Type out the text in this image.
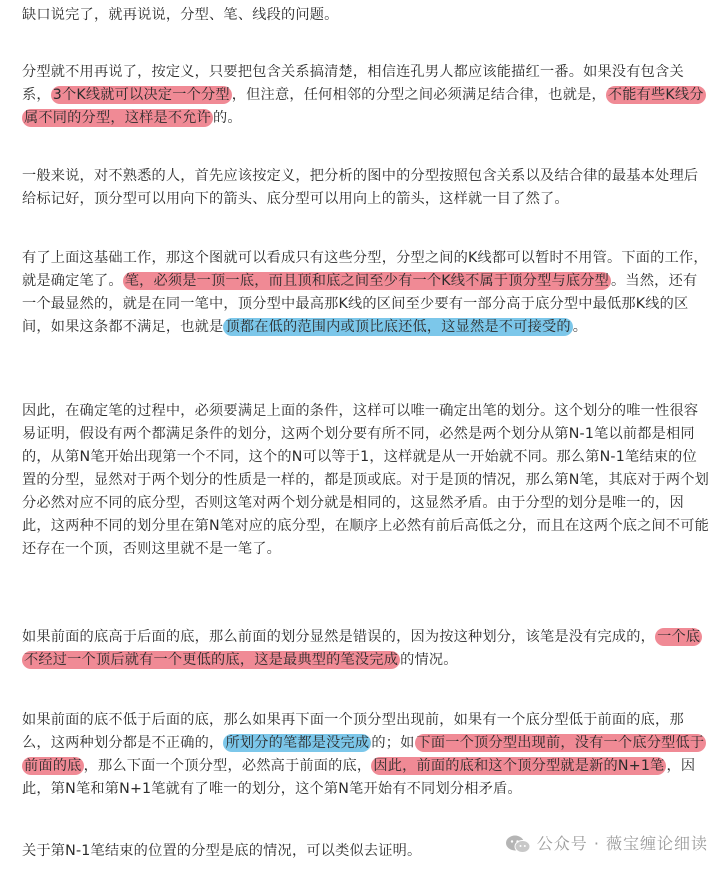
缺口说完了，就再说说，分型、笔、线段的问题。

分型就不用再说了，按定义，只要把包含关系搞清楚，相信连孔男人都应该能描红一番。如果没有包含关系， 3个K线就可以决定一个分型 ，但注意，任何相邻的分型之间必须满足结合律，也就是， 不能有些K线分属不同的分型，这样是不允许 的。

一般来说，对不熟悉的人，首先应该按定义，把分析的图中的分型按照包含关系以及结合律的最基本处理后给标记好，顶分型可以用向下的箭头、底分型可以用向上的箭头，这样就一目了然了。

有了上面这基础工作，那这个图就可以看成只有这些分型，分型之间的K线都可以暂时不用管。下面的工作，就是确定笔了。 笔，必须是一顶一底，而且顶和底之间至少有一个K线不属于顶分型与底分型 。当然，还有一个最显然的，就是在同一笔中，顶分型中最高那K线的区间至少要有一部分高于底分型中最低那K线的区间，如果这条都不满足，也就是 顶都在低的范围内或顶比底还低，这显然是不可接受的 。

因此，在确定笔的过程中，必须要满足上面的条件，这样可以唯一确定出笔的划分。这个划分的唯一性很容易证明，假设有两个都满足条件的划分，这两个划分要有所不同，必然是两个划分从第N-1笔以前都是相同的，从第N笔开始出现第一个不同，这个的N可以等于1，这样就是从一开始就不同。那么第N-1笔结束的位置的分型，显然对于两个划分的性质是一样的，都是顶或底。对于是顶的情况，那么第N笔，其底对于两个划分必然对应不同的底分型，否则这笔对两个划分就是相同的，这显然矛盾。由于分型的划分是唯一的，因此，这两种不同的划分里在第N笔对应的底分型，在顺序上必然有前后高低之分，而且在这两个底之间不可能还存在一个顶，否则这里就不是一笔了。

如果前面的底高于后面的底，那么前面的划分显然是错误的，因为按这种划分，该笔是没有完成的， 一个底不经过一个顶后就有一个更低的底，这是最典型的笔没完成 的情况。

如果前面的底不低于后面的底，那么如果再下面一个顶分型出现前，如果有一个底分型低于前面的底，那么，这两种划分都是不正确的， 所划分的笔都是没完成 的；如 下面一个顶分型出现前，没有一个底分型低于前面的底 ，那么下面一个顶分型，必然高于前面的底， 因此，前面的底和这个顶分型就是新的N+1笔 ，因此，第N笔和第N+1笔就有了唯一的划分，这个第N笔开始有不同划分相矛盾。

关于第N-1笔结束的位置的分型是底的情况，可以类似去证明。	公众号 · 薇宝缠论细读
